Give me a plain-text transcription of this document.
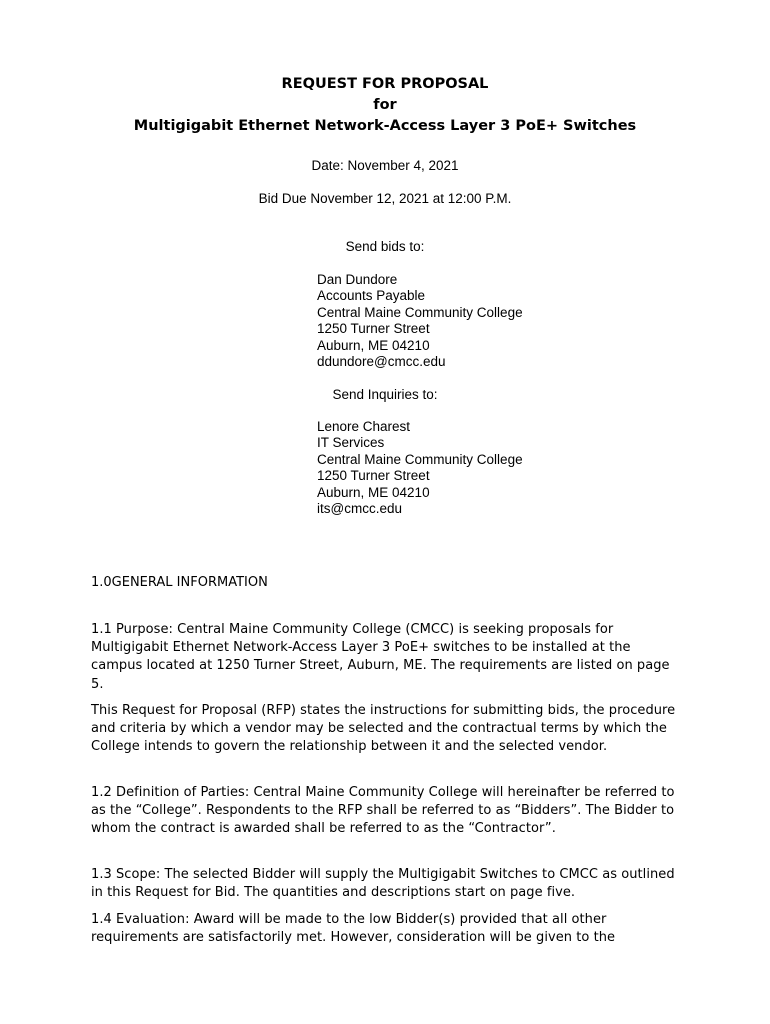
REQUEST FOR PROPOSAL
for
Multigigabit Ethernet Network-Access Layer 3 PoE+ Switches
Date: November 4, 2021
Bid Due November 12, 2021 at 12:00 P.M.
Send bids to:
Dan Dundore
Accounts Payable
Central Maine Community College
1250 Turner Street
Auburn, ME 04210
ddundore@cmcc.edu
Send Inquiries to:
Lenore Charest
IT Services
Central Maine Community College
1250 Turner Street
Auburn, ME 04210
its@cmcc.edu
1.0GENERAL INFORMATION
1.1 Purpose: Central Maine Community College (CMCC) is seeking proposals for Multigigabit Ethernet Network-Access Layer 3 PoE+ switches to be installed at the campus located at 1250 Turner Street, Auburn, ME. The requirements are listed on page 5.
This Request for Proposal (RFP) states the instructions for submitting bids, the procedure and criteria by which a vendor may be selected and the contractual terms by which the College intends to govern the relationship between it and the selected vendor.
1.2 Definition of Parties: Central Maine Community College will hereinafter be referred to as the “College”. Respondents to the RFP shall be referred to as “Bidders”. The Bidder to whom the contract is awarded shall be referred to as the “Contractor”.
1.3 Scope: The selected Bidder will supply the Multigigabit Switches to CMCC as outlined in this Request for Bid. The quantities and descriptions start on page five.
1.4 Evaluation: Award will be made to the low Bidder(s) provided that all other requirements are satisfactorily met. However, consideration will be given to the
